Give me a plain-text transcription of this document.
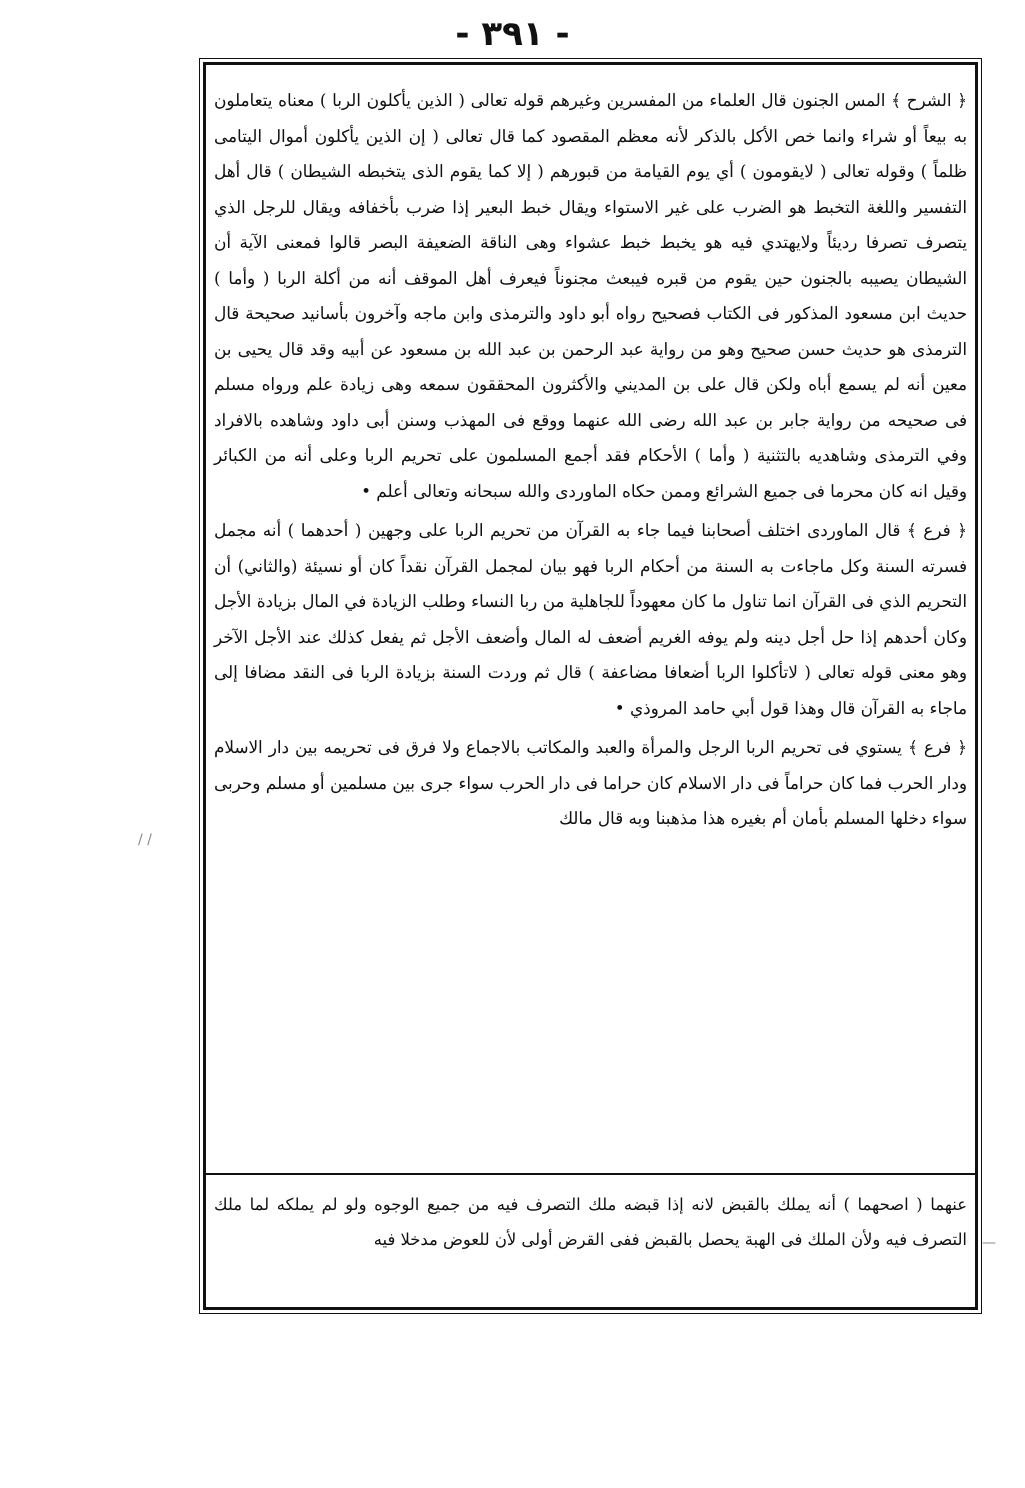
- ٣٩١ -

﴿ الشرح ﴾ المس الجنون قال العلماء من المفسرين وغيرهم قوله تعالى ( الذين يأكلون الربا ) معناه يتعاملون به بيعاً أو شراء وانما خص الأكل بالذكر لأنه معظم المقصود كما قال تعالى ( إن الذين يأكلون أموال اليتامى ظلماً ) وقوله تعالى ( لايقومون ) أي يوم القيامة من قبورهم ( إلا كما يقوم الذى يتخبطه الشيطان ) قال أهل التفسير واللغة التخبط هو الضرب على غير الاستواء ويقال خبط البعير إذا ضرب بأخفافه ويقال للرجل الذي يتصرف تصرفا رديئاً ولايهتدي فيه هو يخبط خبط عشواء وهى الناقة الضعيفة البصر قالوا فمعنى الآية أن الشيطان يصيبه بالجنون حين يقوم من قبره فيبعث مجنوناً فيعرف أهل الموقف أنه من أكلة الربا ( وأما ) حديث ابن مسعود المذكور فى الكتاب فصحيح رواه أبو داود والترمذى وابن ماجه وآخرون بأسانيد صحيحة قال الترمذى هو حديث حسن صحيح وهو من رواية عبد الرحمن بن عبد الله بن مسعود عن أبيه وقد قال يحيى بن معين أنه لم يسمع أباه ولكن قال على بن المديني والأكثرون المحققون سمعه وهى زيادة علم ورواه مسلم فى صحيحه من رواية جابر بن عبد الله رضى الله عنهما ووقع فى المهذب وسنن أبى داود وشاهده بالافراد وفي الترمذى وشاهديه بالتثنية ( وأما ) الأحكام فقد أجمع المسلمون على تحريم الربا وعلى أنه من الكبائر وقيل انه كان محرما فى جميع الشرائع وممن حكاه الماوردى والله سبحانه وتعالى أعلم •

﴿ فرع ﴾ قال الماوردى اختلف أصحابنا فيما جاء به القرآن من تحريم الربا على وجهين ( أحدهما ) أنه مجمل فسرته السنة وكل ماجاءت به السنة من أحكام الربا فهو بيان لمجمل القرآن نقداً كان أو نسيئة (والثاني) أن التحريم الذي فى القرآن انما تناول ما كان معهوداً للجاهلية من ربا النساء وطلب الزيادة في المال بزيادة الأجل وكان أحدهم إذا حل أجل دينه ولم يوفه الغريم أضعف له المال وأضعف الأجل ثم يفعل كذلك عند الأجل الآخر وهو معنى قوله تعالى ( لاتأكلوا الربا أضعافا مضاعفة ) قال ثم وردت السنة بزيادة الربا فى النقد مضافا إلى ماجاء به القرآن قال وهذا قول أبي حامد المروذي •

﴿ فرع ﴾ يستوي فى تحريم الربا الرجل والمرأة والعبد والمكاتب بالاجماع ولا فرق فى تحريمه بين دار الاسلام ودار الحرب فما كان حراماً فى دار الاسلام كان حراما فى دار الحرب سواء جرى بين مسلمين أو مسلم وحربى سواء دخلها المسلم بأمان أم بغيره هذا مذهبنا وبه قال مالك

عنهما ( اصحهما ) أنه يملك بالقبض لانه إذا قبضه ملك التصرف فيه من جميع الوجوه ولو لم يملكه لما ملك التصرف فيه ولأن الملك فى الهبة يحصل بالقبض ففى القرض أولى لأن للعوض مدخلا فيه
/ /
—
